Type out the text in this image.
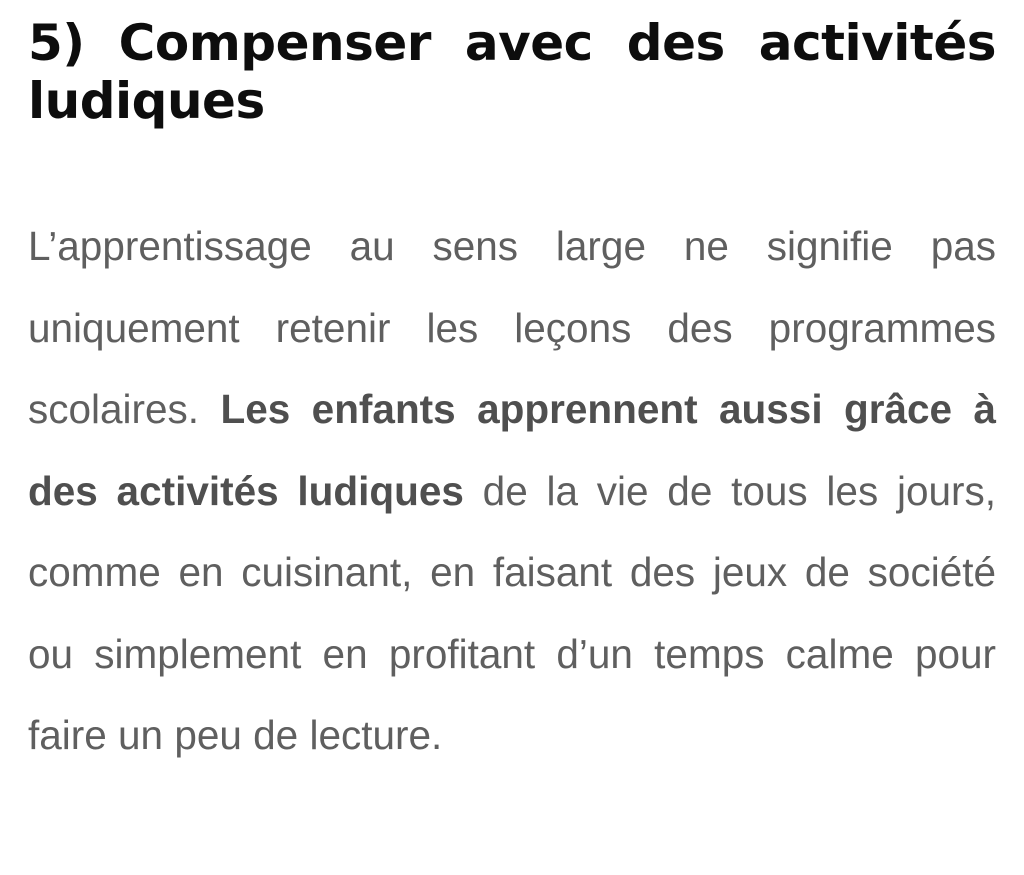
5) Compenser avec des activités ludiques

L’apprentissage au sens large ne signifie pas uniquement retenir les leçons des programmes scolaires. Les enfants apprennent aussi grâce à des activités ludiques de la vie de tous les jours, comme en cuisinant, en faisant des jeux de société ou simplement en profitant d’un temps calme pour faire un peu de lecture.
